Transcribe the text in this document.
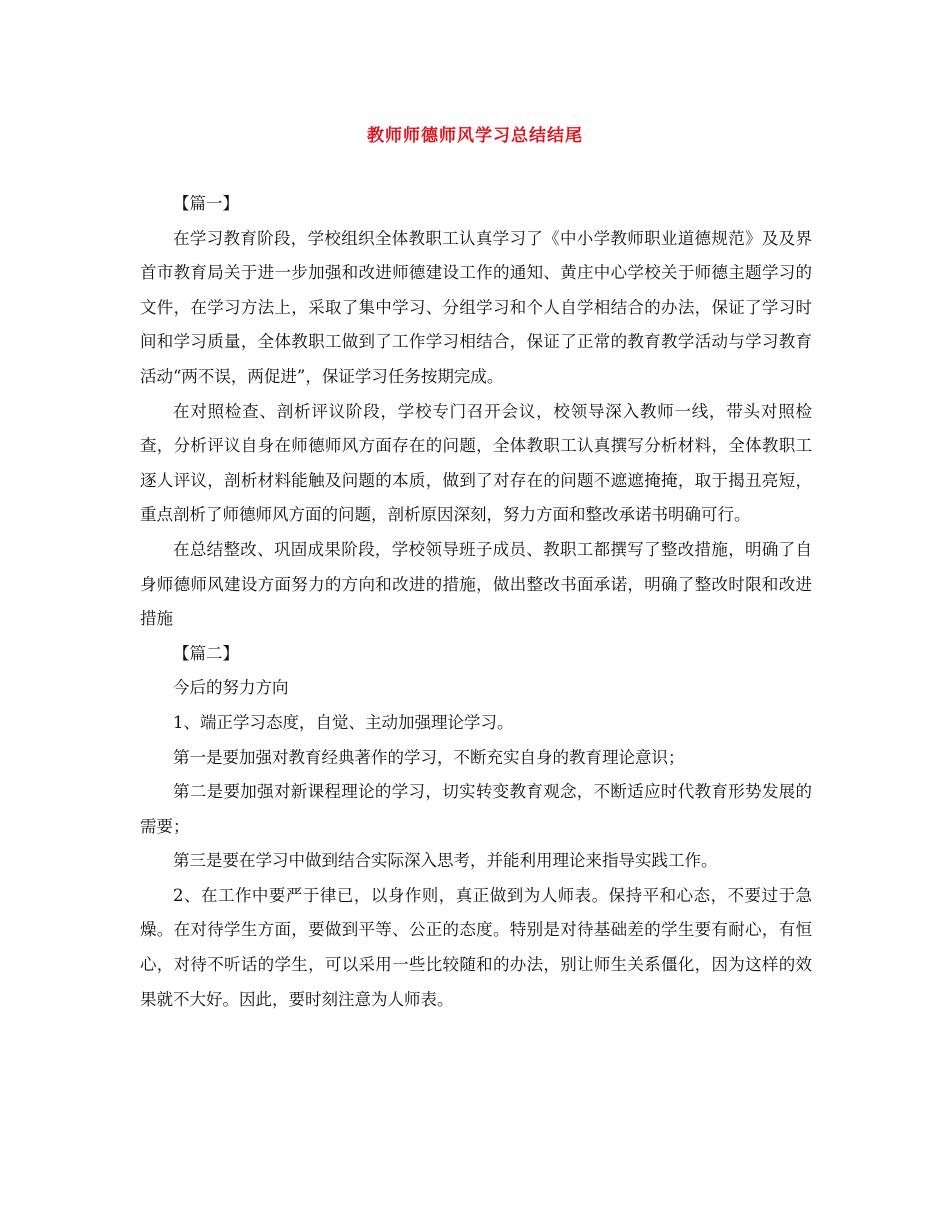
教师师德师风学习总结结尾

【篇一】

在学习教育阶段，学校组织全体教职工认真学习了《中小学教师职业道德规范》及及界首市教育局关于进一步加强和改进师德建设工作的通知、黄庄中心学校关于师德主题学习的文件，在学习方法上，采取了集中学习、分组学习和个人自学相结合的办法，保证了学习时间和学习质量，全体教职工做到了工作学习相结合，保证了正常的教育教学活动与学习教育活动“两不误，两促进”，保证学习任务按期完成。

在对照检查、剖析评议阶段，学校专门召开会议，校领导深入教师一线，带头对照检查，分析评议自身在师德师风方面存在的问题，全体教职工认真撰写分析材料，全体教职工逐人评议，剖析材料能触及问题的本质，做到了对存在的问题不遮遮掩掩，取于揭丑亮短，重点剖析了师德师风方面的问题，剖析原因深刻，努力方面和整改承诺书明确可行。

在总结整改、巩固成果阶段，学校领导班子成员、教职工都撰写了整改措施，明确了自身师德师风建设方面努力的方向和改进的措施，做出整改书面承诺，明确了整改时限和改进措施

【篇二】

今后的努力方向

1、端正学习态度，自觉、主动加强理论学习。

第一是要加强对教育经典著作的学习，不断充实自身的教育理论意识；

第二是要加强对新课程理论的学习，切实转变教育观念，不断适应时代教育形势发展的需要；

第三是要在学习中做到结合实际深入思考，并能利用理论来指导实践工作。

2、在工作中要严于律已，以身作则，真正做到为人师表。保持平和心态，不要过于急燥。在对待学生方面，要做到平等、公正的态度。特别是对待基础差的学生要有耐心，有恒心，对待不听话的学生，可以采用一些比较随和的办法，别让师生关系僵化，因为这样的效果就不大好。因此，要时刻注意为人师表。
